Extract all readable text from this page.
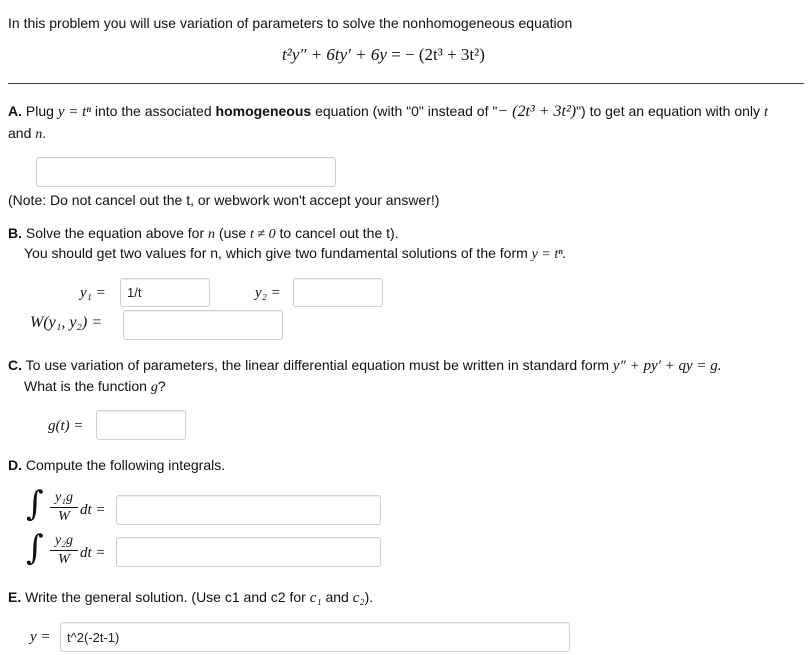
In this problem you will use variation of parameters to solve the nonhomogeneous equation
t²y″ + 6ty′ + 6y = − (2t³ + 3t²)
A. Plug y = tⁿ into the associated homogeneous equation (with "0" instead of "− (2t³ + 3t²)") to get an equation with only t
and n.
(Note: Do not cancel out the t, or webwork won't accept your answer!)
B. Solve the equation above for n (use t ≠ 0 to cancel out the t).
You should get two values for n, which give two fundamental solutions of the form y = tⁿ.
y₁ =
1/t	y₂ =
W(y₁, y₂) =
C. To use variation of parameters, the linear differential equation must be written in standard form y″ + py′ + qy = g.
What is the function g?
g(t) =
D. Compute the following integrals.
∫ y₁g
W dt =
∫ y₂g
W dt =
E. Write the general solution. (Use c1 and c2 for c₁ and c₂).
y =
t^2(-2t-1)
